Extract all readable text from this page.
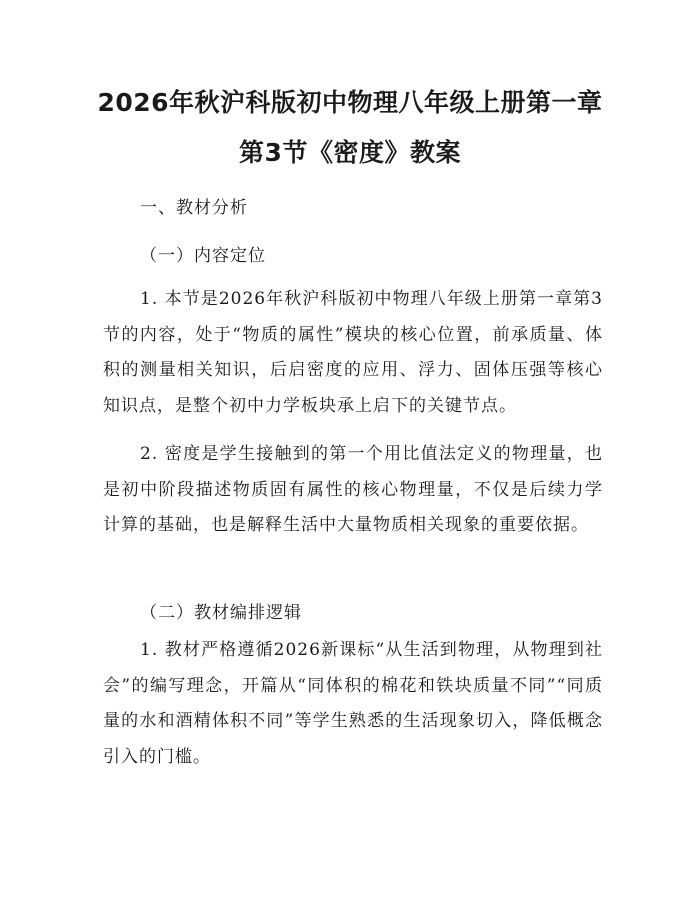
2026年秋沪科版初中物理八年级上册第一章
第3节《密度》教案

一、教材分析

（一）内容定位

1. 本节是2026年秋沪科版初中物理八年级上册第一章第3节的内容，处于“物质的属性”模块的核心位置，前承质量、体积的测量相关知识，后启密度的应用、浮力、固体压强等核心知识点，是整个初中力学板块承上启下的关键节点。

2. 密度是学生接触到的第一个用比值法定义的物理量，也是初中阶段描述物质固有属性的核心物理量，不仅是后续力学计算的基础，也是解释生活中大量物质相关现象的重要依据。

（二）教材编排逻辑

1. 教材严格遵循2026新课标“从生活到物理，从物理到社会”的编写理念，开篇从“同体积的棉花和铁块质量不同”“同质量的水和酒精体积不同”等学生熟悉的生活现象切入，降低概念引入的门槛。
